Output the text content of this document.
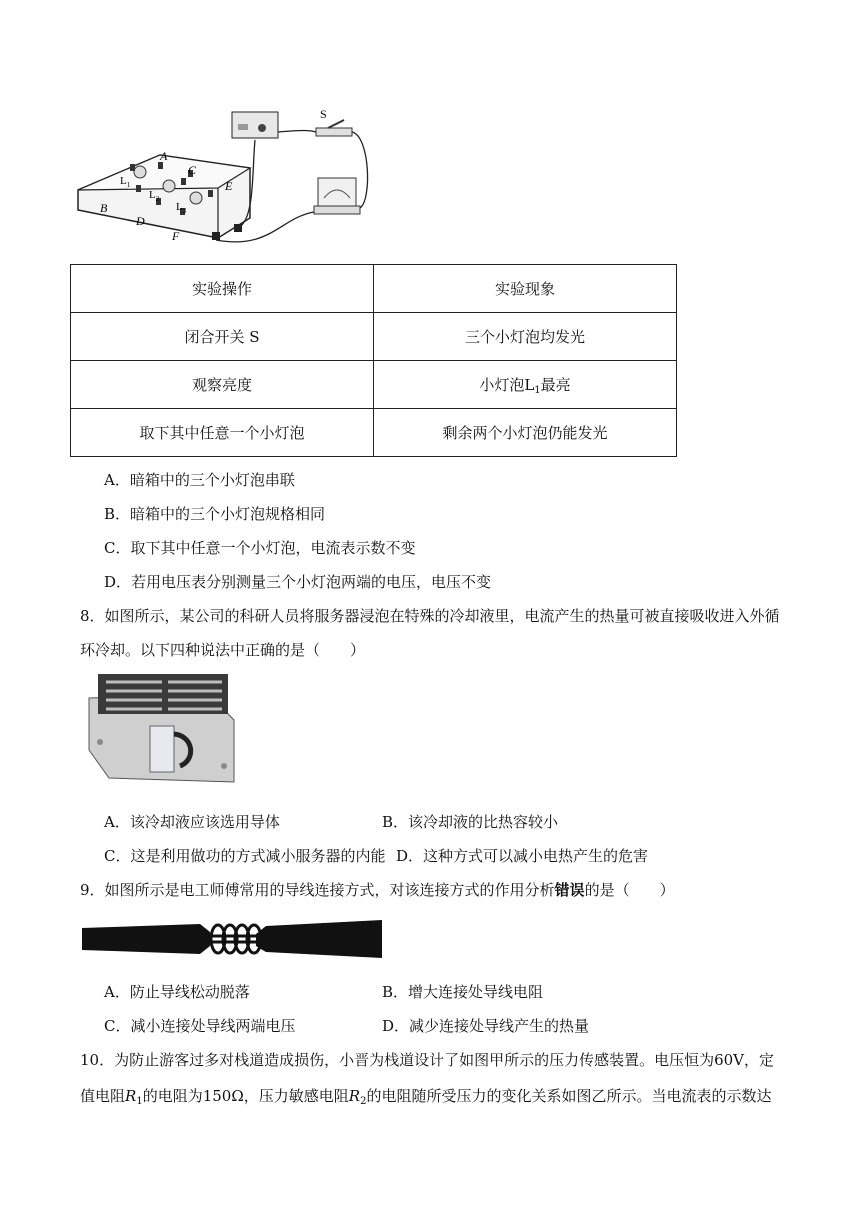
A
C
E
B
D
F
S
$L_1$
$L_2$
$L_3$
实验操作	实验现象
闭合开关 S	三个小灯泡均发光
观察亮度	小灯泡$L_1$最亮
取下其中任意一个小灯泡	剩余两个小灯泡仍能发光
A．暗箱中的三个小灯泡串联
B．暗箱中的三个小灯泡规格相同
C．取下其中任意一个小灯泡，电流表示数不变
D．若用电压表分别测量三个小灯泡两端的电压，电压不变
8．如图所示，某公司的科研人员将服务器浸泡在特殊的冷却液里，电流产生的热量可被直接吸收进入外循
环冷却。以下四种说法中正确的是（　　）
A．该冷却液应该选用导体	B．该冷却液的比热容较小
C．这是利用做功的方式减小服务器的内能 D．这种方式可以减小电热产生的危害
9．如图所示是电工师傅常用的导线连接方式，对该连接方式的作用分析错误的是（　　）
A．防止导线松动脱落	B．增大连接处导线电阻
C．减小连接处导线两端电压	D．减少连接处导线产生的热量
10．为防止游客过多对栈道造成损伤，小晋为栈道设计了如图甲所示的压力传感装置。电压恒为60V，定
值电阻$R_1$的电阻为150Ω，压力敏感电阻$R_2$的电阻随所受压力的变化关系如图乙所示。当电流表的示数达
